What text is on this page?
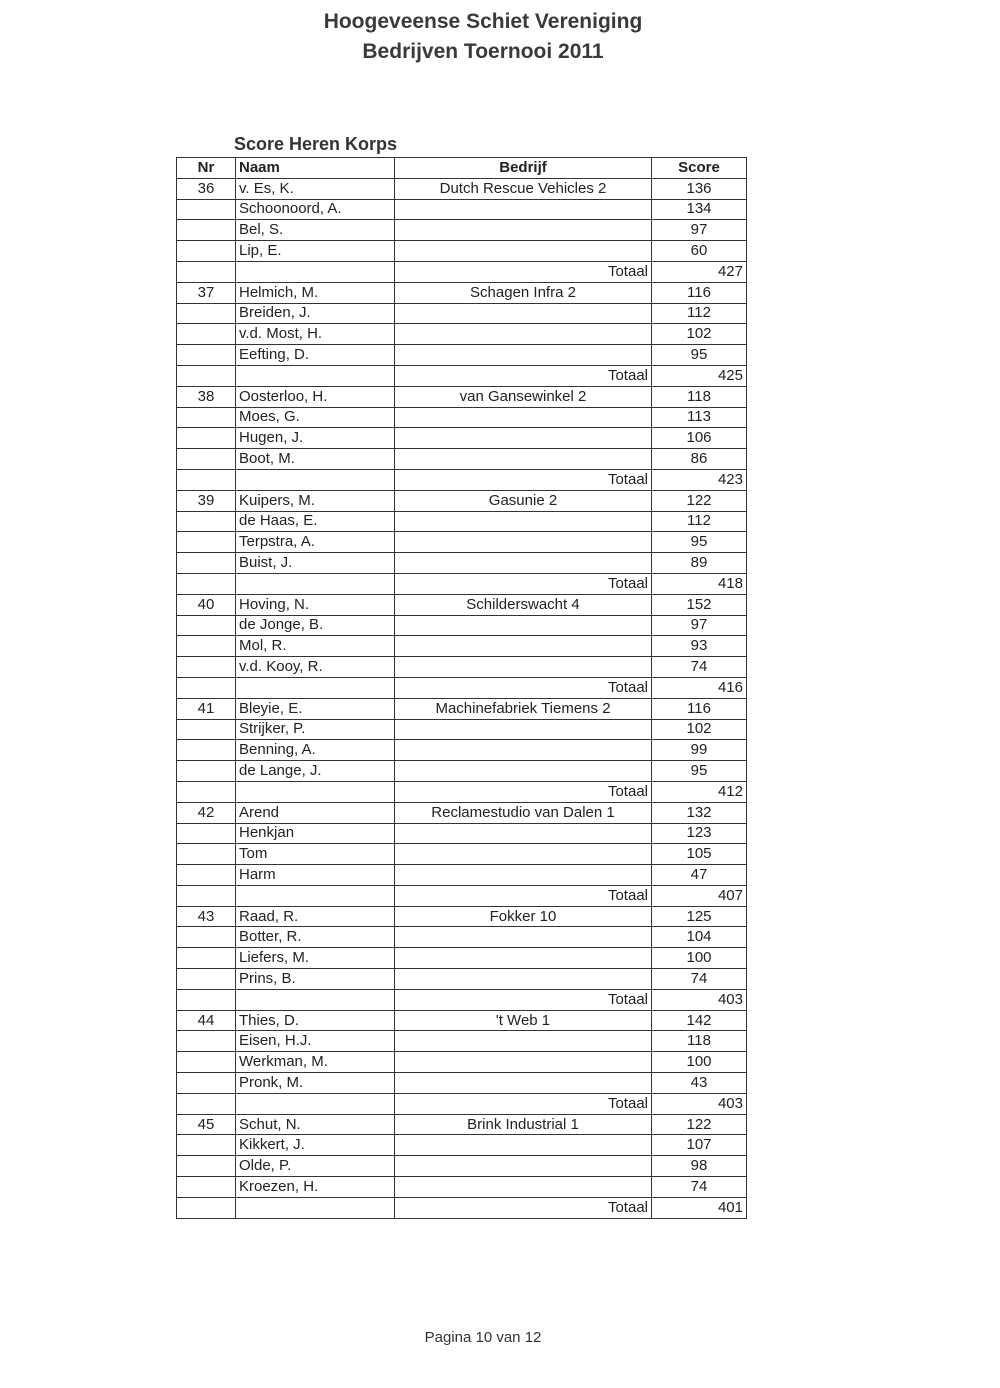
Hoogeveense Schiet Vereniging
Bedrijven Toernooi 2011
Score Heren Korps
Nr	Naam	Bedrijf	Score
36	v. Es, K.	Dutch Rescue Vehicles 2	136
	Schoonoord, A.		134
	Bel, S.		97
	Lip, E.		60
		Totaal	427
37	Helmich, M.	Schagen Infra 2	116
	Breiden, J.		112
	v.d. Most, H.		102
	Eefting, D.		95
		Totaal	425
38	Oosterloo, H.	van Gansewinkel 2	118
	Moes, G.		113
	Hugen, J.		106
	Boot, M.		86
		Totaal	423
39	Kuipers, M.	Gasunie 2	122
	de Haas, E.		112
	Terpstra, A.		95
	Buist, J.		89
		Totaal	418
40	Hoving, N.	Schilderswacht 4	152
	de Jonge, B.		97
	Mol, R.		93
	v.d. Kooy, R.		74
		Totaal	416
41	Bleyie, E.	Machinefabriek Tiemens 2	116
	Strijker, P.		102
	Benning, A.		99
	de Lange, J.		95
		Totaal	412
42	Arend	Reclamestudio van Dalen 1	132
	Henkjan		123
	Tom		105
	Harm		47
		Totaal	407
43	Raad, R.	Fokker 10	125
	Botter, R.		104
	Liefers, M.		100
	Prins, B.		74
		Totaal	403
44	Thies, D.	't Web 1	142
	Eisen, H.J.		118
	Werkman, M.		100
	Pronk, M.		43
		Totaal	403
45	Schut, N.	Brink Industrial 1	122
	Kikkert, J.		107
	Olde, P.		98
	Kroezen, H.		74
		Totaal	401
Pagina 10 van 12
